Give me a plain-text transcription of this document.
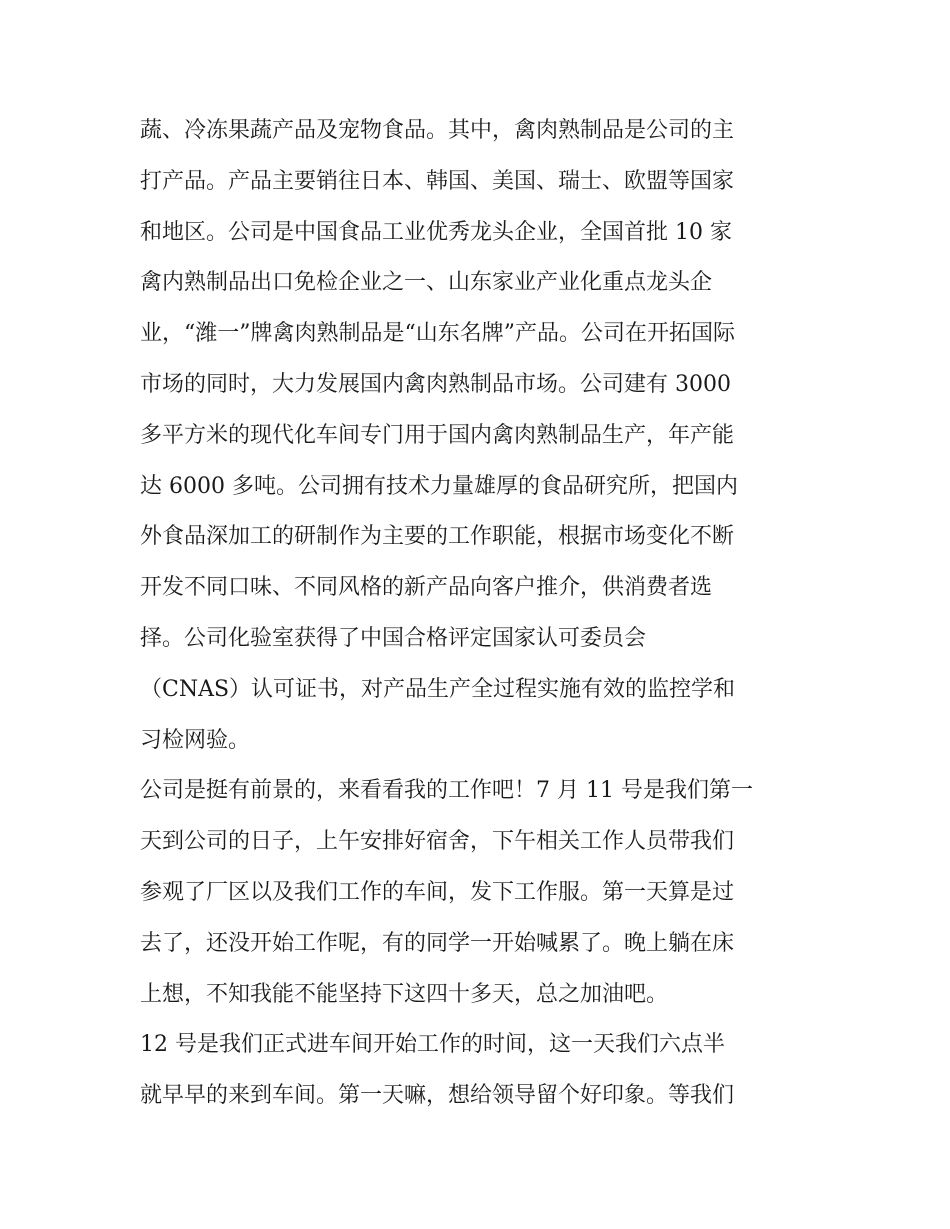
蔬、冷冻果蔬产品及宠物食品。其中，禽肉熟制品是公司的主
打产品。产品主要销往日本、韩国、美国、瑞士、欧盟等国家
和地区。公司是中国食品工业优秀龙头企业，全国首批 10 家
禽内熟制品出口免检企业之一、山东家业产业化重点龙头企
业，“潍一”牌禽肉熟制品是“山东名牌”产品。公司在开拓国际
市场的同时，大力发展国内禽肉熟制品市场。公司建有 3000
多平方米的现代化车间专门用于国内禽肉熟制品生产，年产能
达 6000 多吨。公司拥有技术力量雄厚的食品研究所，把国内
外食品深加工的研制作为主要的工作职能，根据市场变化不断
开发不同口味、不同风格的新产品向客户推介，供消费者选
择。公司化验室获得了中国合格评定国家认可委员会
（CNAS）认可证书，对产品生产全过程实施有效的监控学和
习检网验。
公司是挺有前景的，来看看我的工作吧！7 月 11 号是我们第一
天到公司的日子，上午安排好宿舍，下午相关工作人员带我们
参观了厂区以及我们工作的车间，发下工作服。第一天算是过
去了，还没开始工作呢，有的同学一开始喊累了。晚上躺在床
上想，不知我能不能坚持下这四十多天，总之加油吧。
12 号是我们正式进车间开始工作的时间，这一天我们六点半
就早早的来到车间。第一天嘛，想给领导留个好印象。等我们
